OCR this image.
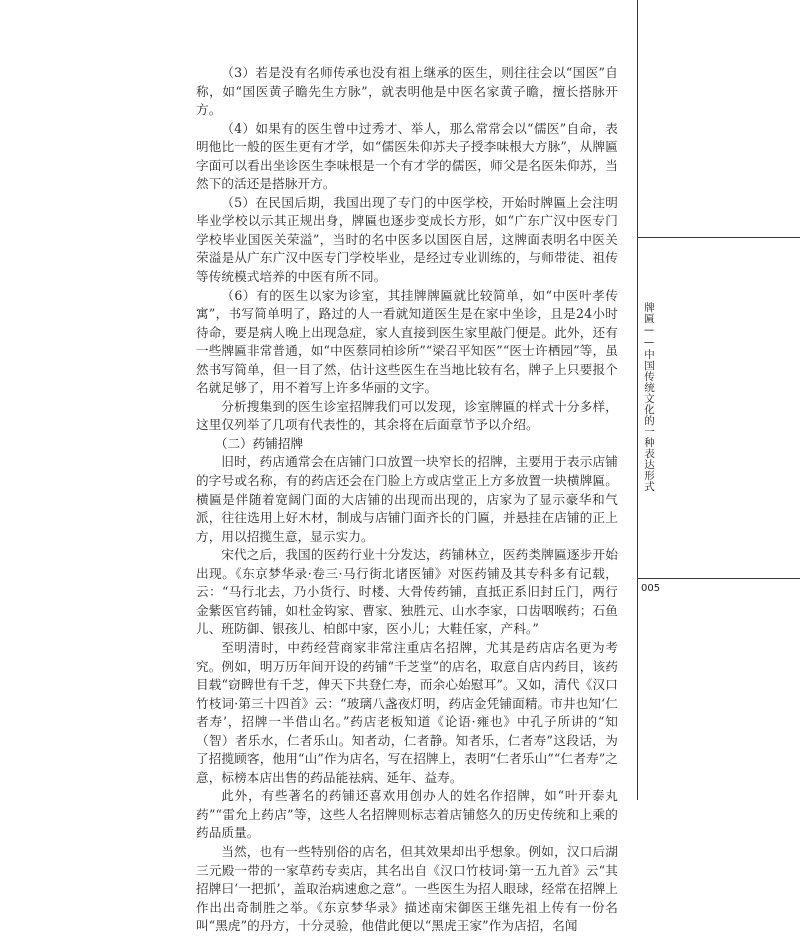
牌匾——中国传统文化的一种表达形式
005

（3）若是没有名师传承也没有祖上继承的医生，则往往会以“国医”自称，如“国医黄子瞻先生方脉”，就表明他是中医名家黄子瞻，擅长搭脉开方。

（4）如果有的医生曾中过秀才、举人，那么常常会以“儒医”自命，表明他比一般的医生更有才学，如“儒医朱仰苏夫子授李味根大方脉”，从牌匾字面可以看出坐诊医生李味根是一个有才学的儒医，师父是名医朱仰苏，当然下的活还是搭脉开方。

（5）在民国后期，我国出现了专门的中医学校，开始时牌匾上会注明毕业学校以示其正规出身，牌匾也逐步变成长方形，如“广东广汉中医专门学校毕业国医关荣溢”，当时的名中医多以国医自居，这牌面表明名中医关荣溢是从广东广汉中医专门学校毕业，是经过专业训练的，与师带徒、祖传等传统模式培养的中医有所不同。

（6）有的医生以家为诊室，其挂牌牌匾就比较简单，如“中医叶孝传寓”，书写简单明了，路过的人一看就知道医生是在家中坐诊，且是24小时待命，要是病人晚上出现急症，家人直接到医生家里敲门便是。此外，还有一些牌匾非常普通，如“中医蔡同柏诊所”“梁召平知医”“医士许栖园”等，虽然书写简单，但一目了然，估计这些医生在当地比较有名，牌子上只要报个名就足够了，用不着写上许多华丽的文字。

分析搜集到的医生诊室招牌我们可以发现，诊室牌匾的样式十分多样，这里仅列举了几项有代表性的，其余将在后面章节予以介绍。

（二）药铺招牌

旧时，药店通常会在店铺门口放置一块窄长的招牌，主要用于表示店铺的字号或名称，有的药店还会在门脸上方或店堂正上方多放置一块横牌匾。横匾是伴随着宽阔门面的大店铺的出现而出现的，店家为了显示豪华和气派，往往选用上好木材，制成与店铺门面齐长的门匾，并悬挂在店铺的正上方，用以招揽生意，显示实力。

宋代之后，我国的医药行业十分发达，药铺林立，医药类牌匾逐步开始出现。《东京梦华录·卷三·马行街北诸医铺》对医药铺及其专科多有记载，云：“马行北去，乃小货行、时楼、大骨传药铺，直抵正系旧封丘门，两行金紫医官药铺，如杜金钩家、曹家、独胜元、山水李家，口齿咽喉药；石鱼儿、班防御、银孩儿、柏郎中家，医小儿；大鞋任家，产科。”

至明清时，中药经营商家非常注重店名招牌，尤其是药店店名更为考究。例如，明万历年间开设的药铺“千芝堂”的店名，取意自店内药目，该药目载“窃睥世有千芝，俾天下共登仁寿，而余心始慰耳”。又如，清代《汉口竹枝词·第三十四首》云：“玻璃八盏夜灯明，药店金凭铺面精。市井也知‘仁者寿’，招牌一半借山名。”药店老板知道《论语·雍也》中孔子所讲的“知（智）者乐水，仁者乐山。知者动，仁者静。知者乐，仁者寿”这段话，为了招揽顾客，他用“山”作为店名，写在招牌上，表明“仁者乐山”“仁者寿”之意，标榜本店出售的药品能祛病、延年、益寿。

此外，有些著名的药铺还喜欢用创办人的姓名作招牌，如“叶开泰丸药”“雷允上药店”等，这些人名招牌则标志着店铺悠久的历史传统和上乘的药品质量。

当然，也有一些特别俗的店名，但其效果却出乎想象。例如，汉口后湖三元殿一带的一家草药专卖店，其名出自《汉口竹枝词·第一五九首》云“其招牌曰‘一把抓’，盖取治病速愈之意”。一些医生为招人眼球，经常在招牌上作出出奇制胜之举。《东京梦华录》描述南宋御医王继先祖上传有一份名叫“黑虎”的丹方，十分灵验，他借此便以“黑虎王家”作为店招，名闻
